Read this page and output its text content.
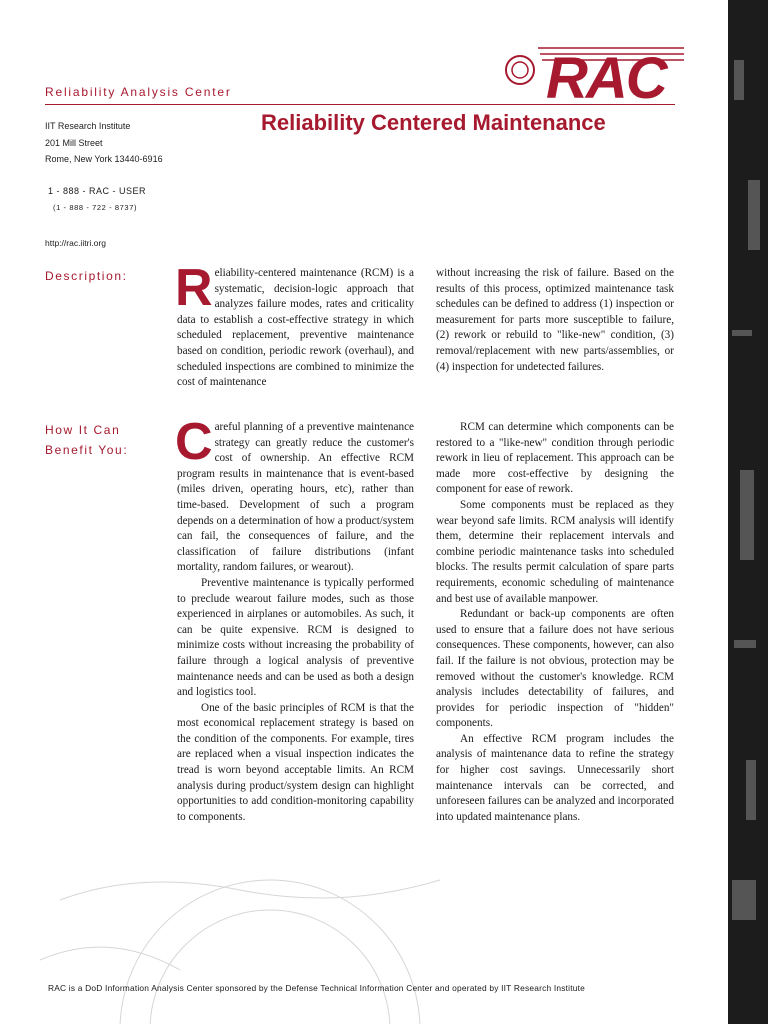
RAC
Reliability Analysis Center
IIT Research Institute
201 Mill Street
Rome, New York 13440-6916
1 - 888 - RAC - USER
(1 - 888 - 722 - 8737)
http://rac.iitri.org
Reliability Centered Maintenance
Description: Reliability-centered maintenance (RCM) is a systematic, decision-logic approach that analyzes failure modes, rates and criticality data to establish a cost-effective strategy in which scheduled replacement, preventive maintenance based on condition, periodic rework (overhaul), and scheduled inspections are combined to minimize the cost of maintenance

without increasing the risk of failure. Based on the results of this process, optimized maintenance task schedules can be defined to address (1) inspection or measurement for parts more susceptible to failure, (2) rework or rebuild to "like-new" condition, (3) removal/replacement with new parts/assemblies, or (4) inspection for undetected failures.

How It Can
Benefit You: Careful planning of a preventive maintenance strategy can greatly reduce the customer's cost of ownership. An effective RCM program results in maintenance that is event-based (miles driven, operating hours, etc), rather than time-based. Development of such a program depends on a determination of how a product/system can fail, the consequences of failure, and the classification of failure distributions (infant mortality, random failures, or wearout).

Preventive maintenance is typically performed to preclude wearout failure modes, such as those experienced in airplanes or automobiles. As such, it can be quite expensive. RCM is designed to minimize costs without increasing the probability of failure through a logical analysis of preventive maintenance needs and can be used as both a design and logistics tool.

One of the basic principles of RCM is that the most economical replacement strategy is based on the condition of the components. For example, tires are replaced when a visual inspection indicates the tread is worn beyond acceptable limits. An RCM analysis during product/system design can highlight opportunities to add condition-monitoring capability to components.

RCM can determine which components can be restored to a "like-new" condition through periodic rework in lieu of replacement. This approach can be made more cost-effective by designing the component for ease of rework.

Some components must be replaced as they wear beyond safe limits. RCM analysis will identify them, determine their replacement intervals and combine periodic maintenance tasks into scheduled blocks. The results permit calculation of spare parts requirements, economic scheduling of maintenance and best use of available manpower.

Redundant or back-up components are often used to ensure that a failure does not have serious consequences. These components, however, can also fail. If the failure is not obvious, protection may be removed without the customer's knowledge. RCM analysis includes detectability of failures, and provides for periodic inspection of "hidden" components.

An effective RCM program includes the analysis of maintenance data to refine the strategy for higher cost savings. Unnecessarily short maintenance intervals can be corrected, and unforeseen failures can be analyzed and incorporated into updated maintenance plans.

RAC is a DoD Information Analysis Center sponsored by the Defense Technical Information Center and operated by IIT Research Institute
